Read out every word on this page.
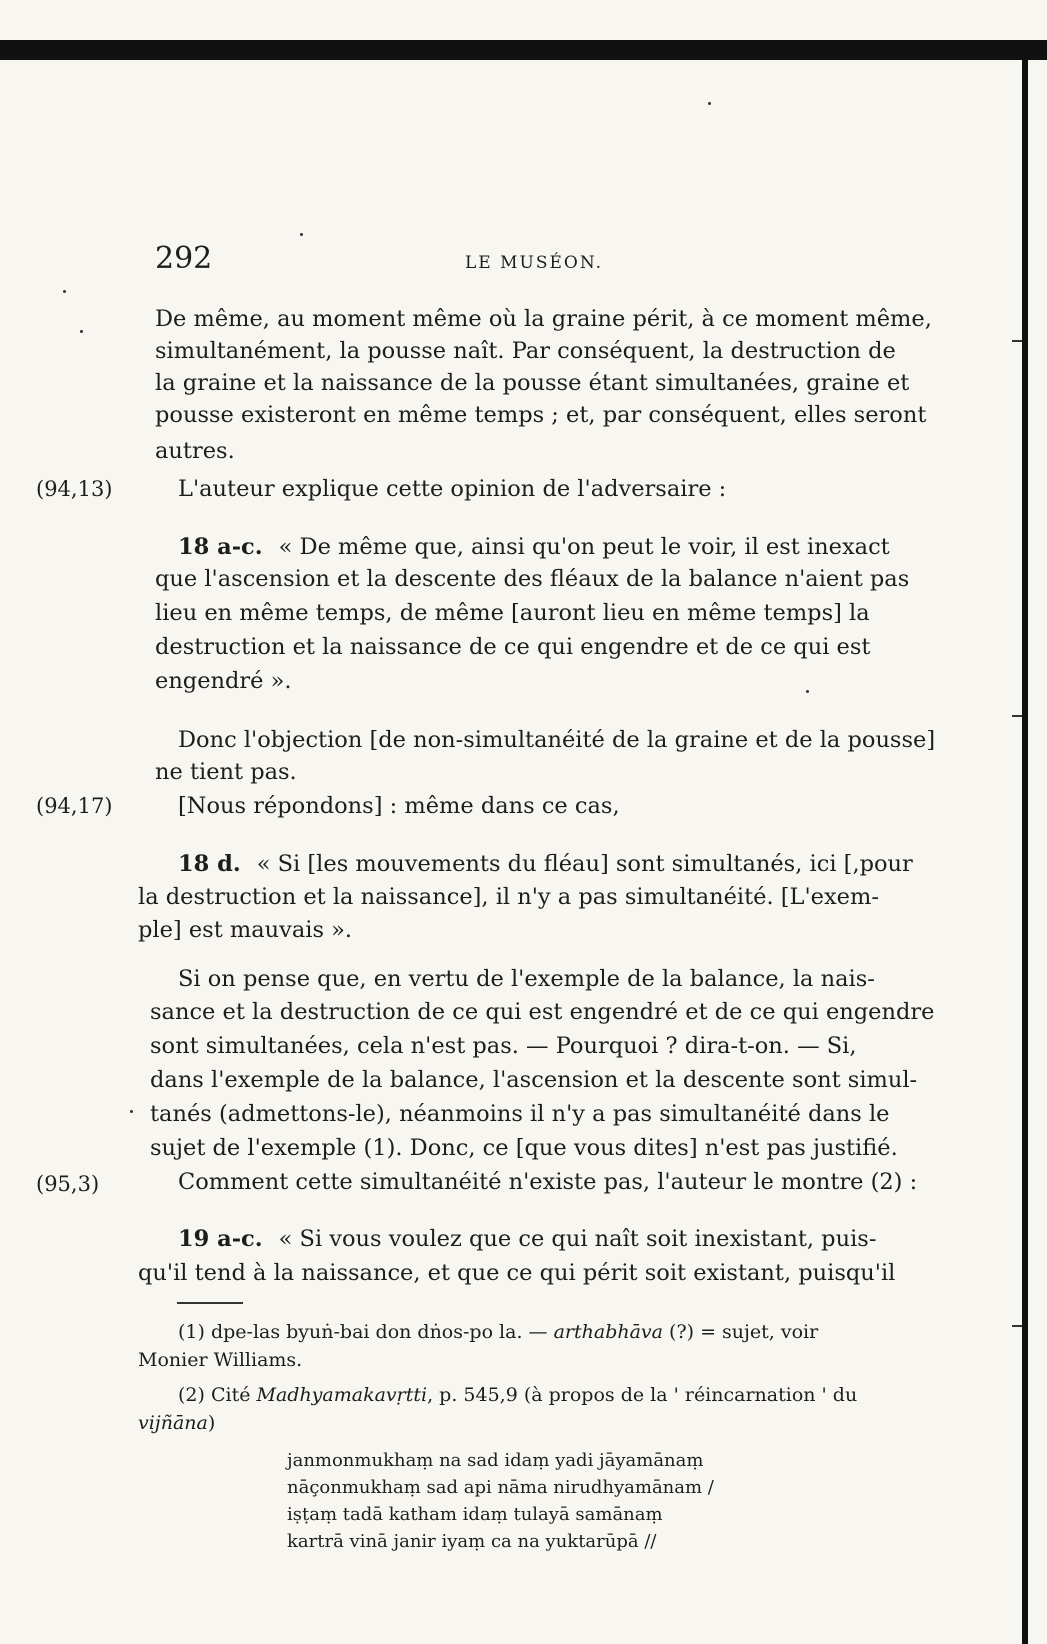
292	LE MUSÉON.
De même, au moment même où la graine périt, à ce moment même,
simultanément, la pousse naît. Par conséquent, la destruction de
la graine et la naissance de la pousse étant simultanées, graine et
pousse existeront en même temps ; et, par conséquent, elles seront
autres.
(94,13)	L'auteur explique cette opinion de l'adversaire :
18 a-c. « De même que, ainsi qu'on peut le voir, il est inexact
que l'ascension et la descente des fléaux de la balance n'aient pas
lieu en même temps, de même [auront lieu en même temps] la
destruction et la naissance de ce qui engendre et de ce qui est
engendré ».
Donc l'objection [de non-simultanéité de la graine et de la pousse]
ne tient pas.
(94,17)	[Nous répondons] : même dans ce cas,
18 d. « Si [les mouvements du fléau] sont simultanés, ici [,pour
la destruction et la naissance], il n'y a pas simultanéité. [L'exem-
ple] est mauvais ».
Si on pense que, en vertu de l'exemple de la balance, la nais-
sance et la destruction de ce qui est engendré et de ce qui engendre
sont simultanées, cela n'est pas. — Pourquoi ? dira-t-on. — Si,
dans l'exemple de la balance, l'ascension et la descente sont simul-
tanés (admettons-le), néanmoins il n'y a pas simultanéité dans le
sujet de l'exemple (1). Donc, ce [que vous dites] n'est pas justifié.
(95,3)	Comment cette simultanéité n'existe pas, l'auteur le montre (2) :
19 a-c. « Si vous voulez que ce qui naît soit inexistant, puis-
qu'il tend à la naissance, et que ce qui périt soit existant, puisqu'il
(1) dpe-las byuṅ-bai don dṅos-po la. — arthabhāva (?) = sujet, voir
Monier Williams.
(2) Cité Madhyamakavṛtti, p. 545,9 (à propos de la ' réincarnation ' du
vijñāna)
janmonmukhaṃ na sad idaṃ yadi jāyamānaṃ
nāçonmukhaṃ sad api nāma nirudhyamānam /
iṣṭaṃ tadā katham idaṃ tulayā samānaṃ
kartrā vinā janir iyaṃ ca na yuktarūpā //
